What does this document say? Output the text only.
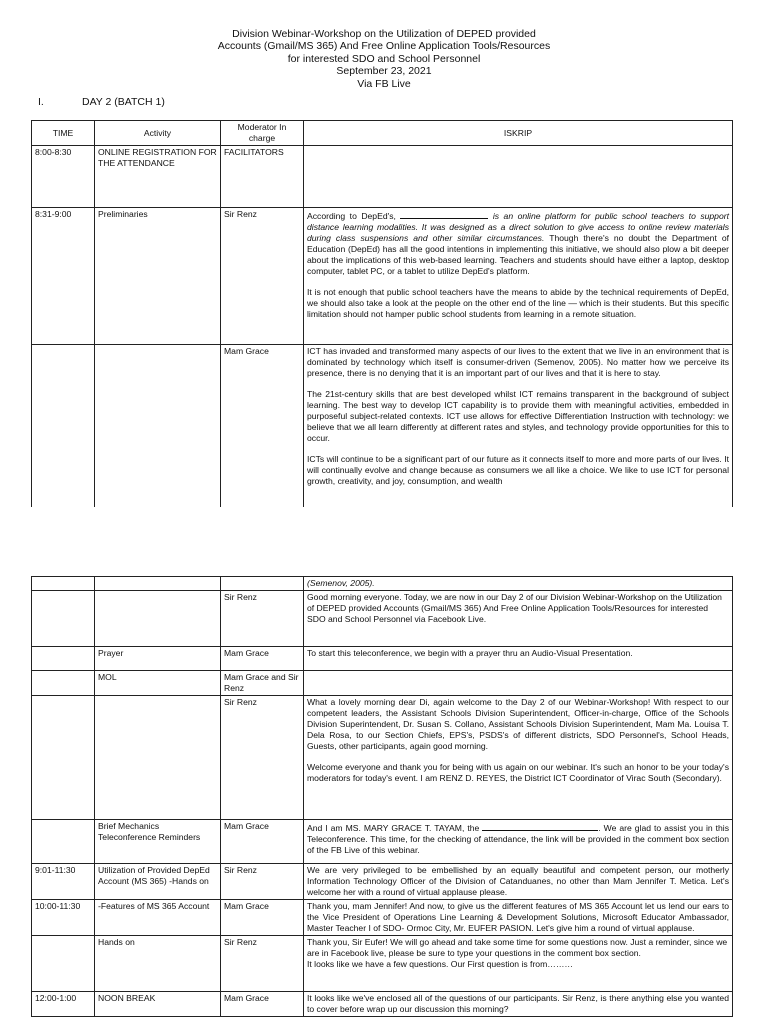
Division Webinar-Workshop on the Utilization of DEPED provided
Accounts (Gmail/MS 365) And Free Online Application Tools/Resources
for interested SDO and School Personnel
September 23, 2021
Via FB Live
I.	DAY 2 (BATCH 1)
TIME	Activity	Moderator In charge	ISKRIP
8:00-8:30	ONLINE REGISTRATION FOR THE ATTENDANCE	FACILITATORS	
8:31-9:00	Preliminaries	Sir Renz	According to DepEd's, is an online platform for public school teachers to support distance learning modalities. It was designed as a direct solution to give access to online review materials during class suspensions and other similar circumstances. Though there's no doubt the Department of Education (DepEd) has all the good intentions in implementing this initiative, we should also plow a bit deeper about the implications of this web-based learning. Teachers and students should have either a laptop, desktop computer, tablet PC, or a tablet to utilize DepEd's platform.

It is not enough that public school teachers have the means to abide by the technical requirements of DepEd, we should also take a look at the people on the other end of the line — which is their students. But this specific limitation should not hamper public school students from learning in a remote situation.

		Mam Grace	ICT has invaded and transformed many aspects of our lives to the extent that we live in an environment that is dominated by technology which itself is consumer-driven (Semenov, 2005). No matter how we perceive its presence, there is no denying that it is an important part of our lives and that it is here to stay.

The 21st-century skills that are best developed whilst ICT remains transparent in the background of subject learning. The best way to develop ICT capability is to provide them with meaningful activities, embedded in purposeful subject-related contexts. ICT use allows for effective Differentiation Instruction with technology: we believe that we all learn differently at different rates and styles, and technology provide opportunities for this to occur.

ICTs will continue to be a significant part of our future as it connects itself to more and more parts of our lives. It will continually evolve and change because as consumers we all like a choice. We like to use ICT for personal growth, creativity, and joy, consumption, and wealth

			(Semenov, 2005).
		Sir Renz	Good morning everyone. Today, we are now in our Day 2 of our Division Webinar-Workshop on the Utilization of DEPED provided Accounts (Gmail/MS 365) And Free Online Application Tools/Resources for interested SDO and School Personnel via Facebook Live.
	Prayer	Mam Grace	To start this teleconference, we begin with a prayer thru an Audio-Visual Presentation.
	MOL	Mam Grace and Sir Renz	
		Sir Renz	What a lovely morning dear Di, again welcome to the Day 2 of our Webinar-Workshop! With respect to our competent leaders, the Assistant Schools Division Superintendent, Officer-in-charge, Office of the Schools Division Superintendent, Dr. Susan S. Collano, Assistant Schools Division Superintendent, Mam Ma. Louisa T. Dela Rosa, to our Section Chiefs, EPS's, PSDS's of different districts, SDO Personnel's, School Heads, Guests, other participants, again good morning.

Welcome everyone and thank you for being with us again on our webinar. It's such an honor to be your today's moderators for today's event. I am RENZ D. REYES, the District ICT Coordinator of Virac South (Secondary).

	Brief Mechanics Teleconference Reminders	Mam Grace	And I am MS. MARY GRACE T. TAYAM, the . We are glad to assist you in this Teleconference. This time, for the checking of attendance, the link will be provided in the comment box section of the FB Live of this webinar.
9:01-11:30	Utilization of Provided DepEd Account (MS 365) -Hands on	Sir Renz	We are very privileged to be embellished by an equally beautiful and competent person, our motherly Information Technology Officer of the Division of Catanduanes, no other than Mam Jennifer T. Metica. Let's welcome her with a round of virtual applause please.
10:00-11:30	-Features of MS 365 Account	Mam Grace	Thank you, mam Jennifer! And now, to give us the different features of MS 365 Account let us lend our ears to the Vice President of Operations Line Learning & Development Solutions, Microsoft Educator Ambassador, Master Teacher I of SDO- Ormoc City, Mr. EUFER PASION. Let's give him a round of virtual applause.
	Hands on	Sir Renz	Thank you, Sir Eufer! We will go ahead and take some time for some questions now. Just a reminder, since we are in Facebook live, please be sure to type your questions in the comment box section.

It looks like we have a few questions. Our First question is from………

12:00-1:00	NOON BREAK	Mam Grace	It looks like we've enclosed all of the questions of our participants. Sir Renz, is there anything else you wanted to cover before wrap up our discussion this morning?
